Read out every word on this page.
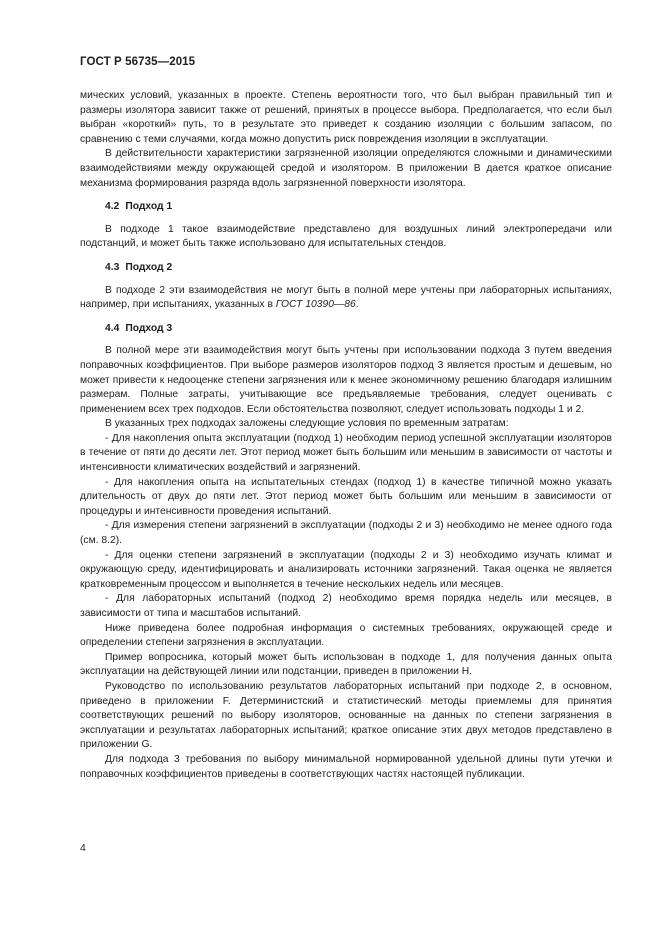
ГОСТ Р 56735—2015

мических условий, указанных в проекте. Степень вероятности того, что был выбран правильный тип и размеры изолятора зависит также от решений, принятых в процессе выбора. Предполагается, что если был выбран «короткий» путь, то в результате это приведет к созданию изоляции с большим запасом, по сравнению с теми случаями, когда можно допустить риск повреждения изоляции в эксплуатации.

В действительности характеристики загрязненной изоляции определяются сложными и динамическими взаимодействиями между окружающей средой и изолятором. В приложении В дается краткое описание механизма формирования разряда вдоль загрязненной поверхности изолятора.

4.2 Подход 1

В подходе 1 такое взаимодействие представлено для воздушных линий электропередачи или подстанций, и может быть также использовано для испытательных стендов.

4.3 Подход 2

В подходе 2 эти взаимодействия не могут быть в полной мере учтены при лабораторных испытаниях, например, при испытаниях, указанных в ГОСТ 10390—86.

4.4 Подход 3

В полной мере эти взаимодействия могут быть учтены при использовании подхода 3 путем введения поправочных коэффициентов. При выборе размеров изоляторов подход 3 является простым и дешевым, но может привести к недооценке степени загрязнения или к менее экономичному решению благодаря излишним размерам. Полные затраты, учитывающие все предъявляемые требования, следует оценивать с применением всех трех подходов. Если обстоятельства позволяют, следует использовать подходы 1 и 2.

В указанных трех подходах заложены следующие условия по временным затратам:

- Для накопления опыта эксплуатации (подход 1) необходим период успешной эксплуатации изоляторов в течение от пяти до десяти лет. Этот период может быть большим или меньшим в зависимости от частоты и интенсивности климатических воздействий и загрязнений.

- Для накопления опыта на испытательных стендах (подход 1) в качестве типичной можно указать длительность от двух до пяти лет. Этот период может быть большим или меньшим в зависимости от процедуры и интенсивности проведения испытаний.

- Для измерения степени загрязнений в эксплуатации (подходы 2 и 3) необходимо не менее одного года (см. 8.2).

- Для оценки степени загрязнений в эксплуатации (подходы 2 и 3) необходимо изучать климат и окружающую среду, идентифицировать и анализировать источники загрязнений. Такая оценка не является кратковременным процессом и выполняется в течение нескольких недель или месяцев.

- Для лабораторных испытаний (подход 2) необходимо время порядка недель или месяцев, в зависимости от типа и масштабов испытаний.

Ниже приведена более подробная информация о системных требованиях, окружающей среде и определении степени загрязнения в эксплуатации.

Пример вопросника, который может быть использован в подходе 1, для получения данных опыта эксплуатации на действующей линии или подстанции, приведен в приложении Н.

Руководство по использованию результатов лабораторных испытаний при подходе 2, в основном, приведено в приложении F. Детерминистский и статистический методы приемлемы для принятия соответствующих решений по выбору изоляторов, основанные на данных по степени загрязнения в эксплуатации и результатах лабораторных испытаний; краткое описание этих двух методов представлено в приложении G.

Для подхода 3 требования по выбору минимальной нормированной удельной длины пути утечки и поправочных коэффициентов приведены в соответствующих частях настоящей публикации.

4
